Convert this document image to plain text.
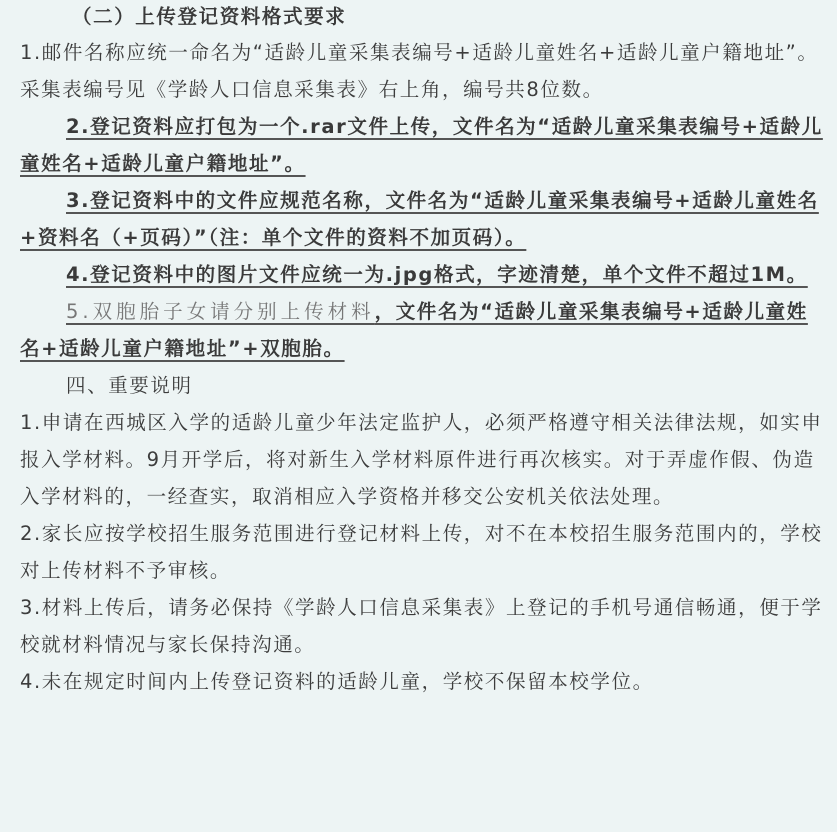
（二）上传登记资料格式要求

1.邮件名称应统一命名为“适龄儿童采集表编号+适龄儿童姓名+适龄儿童户籍地址”。采集表编号见《学龄人口信息采集表》右上角，编号共8位数。

2.登记资料应打包为一个.rar文件上传，文件名为“适龄儿童采集表编号+适龄儿童姓名+适龄儿童户籍地址”。

3.登记资料中的文件应规范名称，文件名为“适龄儿童采集表编号+适龄儿童姓名+资料名（+页码）”（注：单个文件的资料不加页码）。

4.登记资料中的图片文件应统一为.jpg格式，字迹清楚，单个文件不超过1M。

5.双胞胎子女请分别上传材料，文件名为“适龄儿童采集表编号+适龄儿童姓名+适龄儿童户籍地址”+双胞胎。

四、重要说明

1.申请在西城区入学的适龄儿童少年法定监护人，必须严格遵守相关法律法规，如实申报入学材料。9月开学后，将对新生入学材料原件进行再次核实。对于弄虚作假、伪造入学材料的，一经查实，取消相应入学资格并移交公安机关依法处理。

2.家长应按学校招生服务范围进行登记材料上传，对不在本校招生服务范围内的，学校对上传材料不予审核。

3.材料上传后，请务必保持《学龄人口信息采集表》上登记的手机号通信畅通，便于学校就材料情况与家长保持沟通。

4.未在规定时间内上传登记资料的适龄儿童，学校不保留本校学位。
